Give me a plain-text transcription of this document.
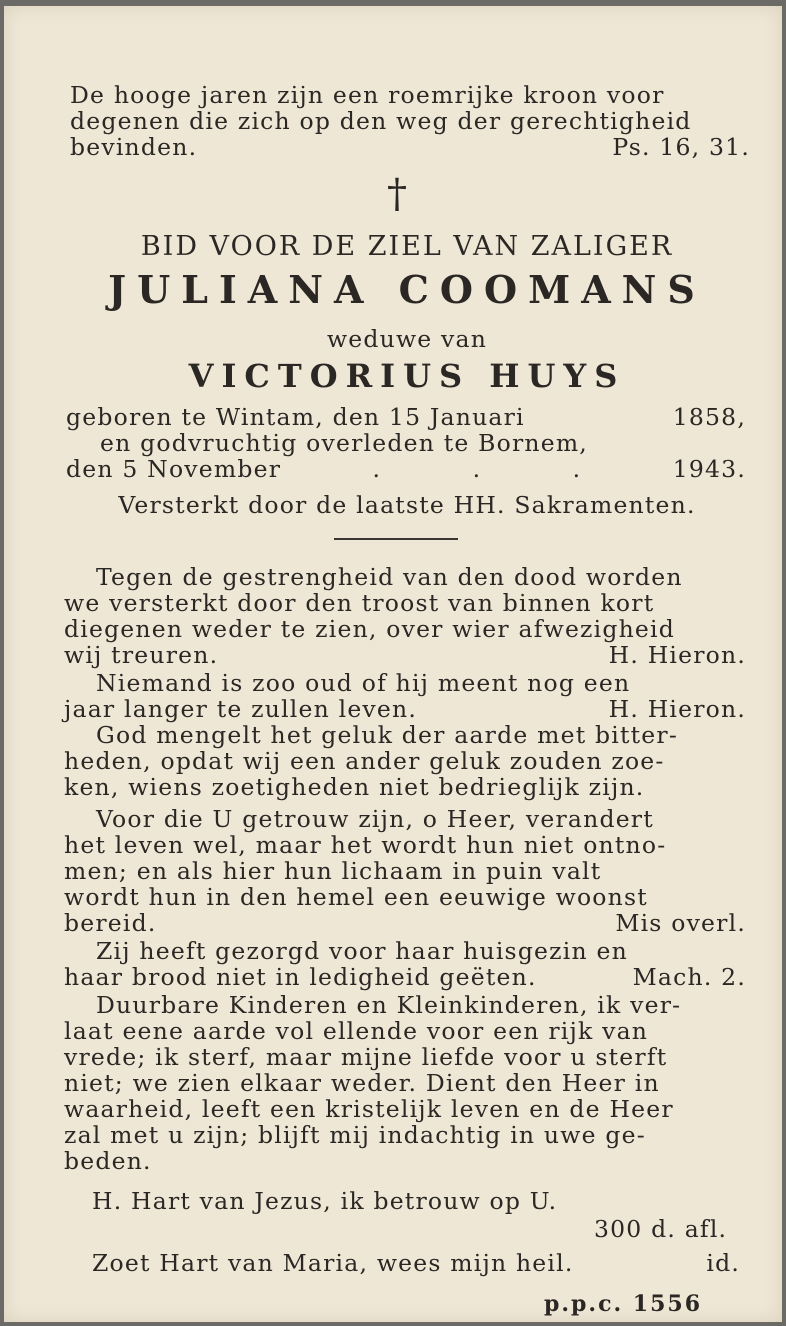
De hooge jaren zijn een roemrijke kroon voor
degenen die zich op den weg der gerechtigheid
bevinden.	Ps. 16, 31.
†
BID VOOR DE ZIEL VAN ZALIGER
JULIANA COOMANS
weduwe van
VICTORIUS HUYS
geboren te Wintam, den 15 Januari	1858,
en godvruchtig overleden te Bornem,
den 5 November	.	.	.	1943.
Versterkt door de laatste HH. Sakramenten.
Tegen de gestrengheid van den dood worden
we versterkt door den troost van binnen kort
diegenen weder te zien, over wier afwezigheid
wij treuren.	H. Hieron.
Niemand is zoo oud of hij meent nog een
jaar langer te zullen leven.	H. Hieron.
God mengelt het geluk der aarde met bitter-
heden, opdat wij een ander geluk zouden zoe-
ken, wiens zoetigheden niet bedrieglijk zijn.
Voor die U getrouw zijn, o Heer, verandert
het leven wel, maar het wordt hun niet ontno-
men; en als hier hun lichaam in puin valt
wordt hun in den hemel een eeuwige woonst
bereid.	Mis overl.
Zij heeft gezorgd voor haar huisgezin en
haar brood niet in ledigheid geëten.	Mach. 2.
Duurbare Kinderen en Kleinkinderen, ik ver-
laat eene aarde vol ellende voor een rijk van
vrede; ik sterf, maar mijne liefde voor u sterft
niet; we zien elkaar weder. Dient den Heer in
waarheid, leeft een kristelijk leven en de Heer
zal met u zijn; blijft mij indachtig in uwe ge-
beden.
H. Hart van Jezus, ik betrouw op U.
300 d. afl.
Zoet Hart van Maria, wees mijn heil.	id.
p.p.c. 1556
